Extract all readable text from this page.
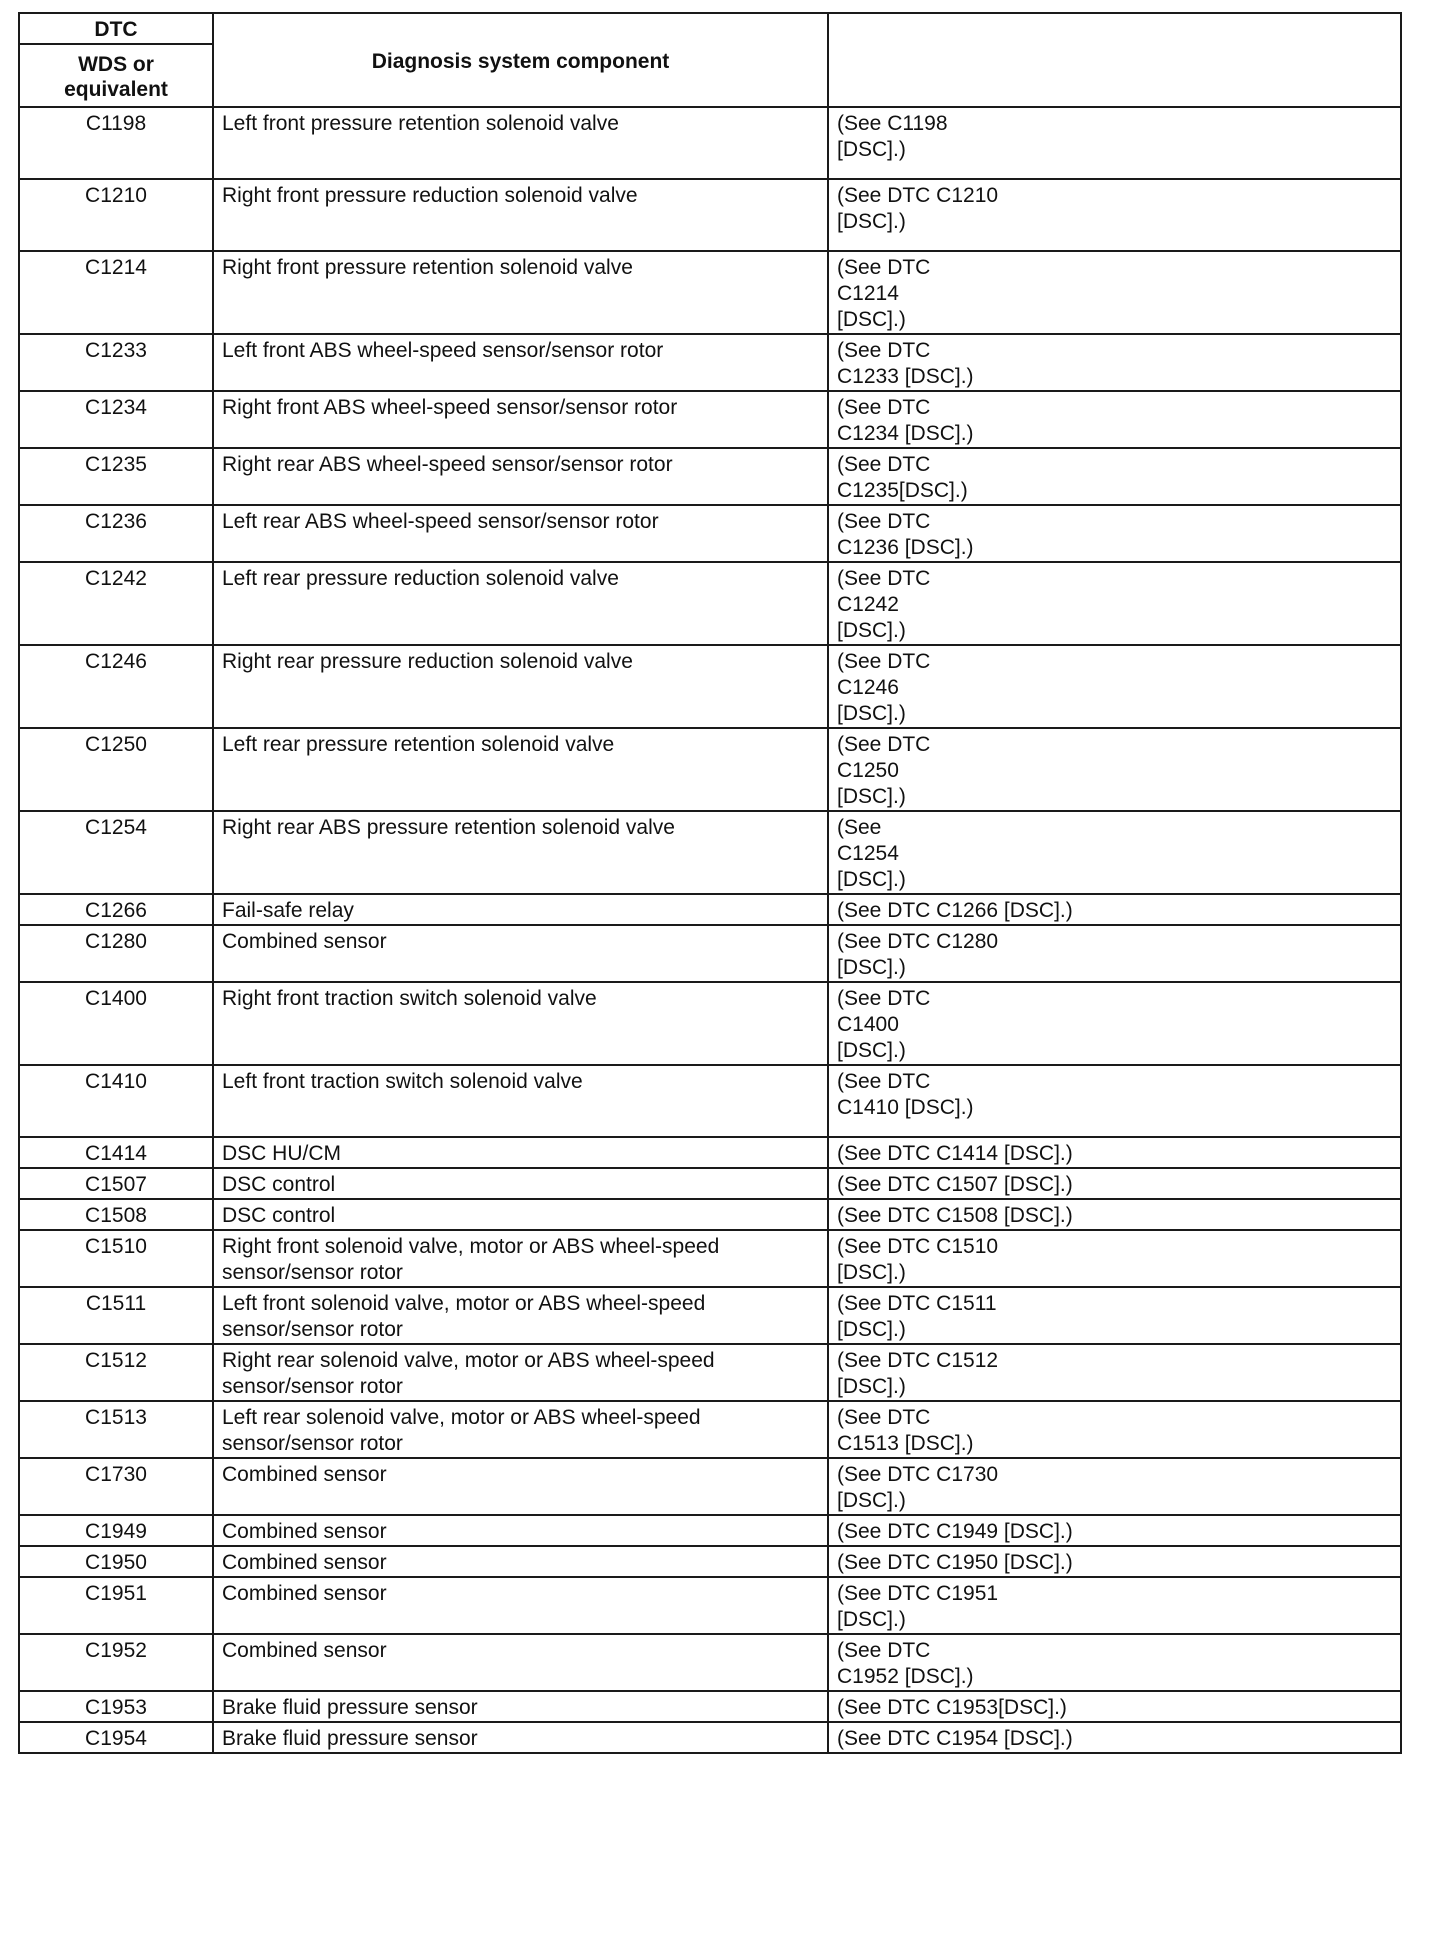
DTC	Diagnosis system component	
WDS or equivalent		
C1198	Left front pressure retention solenoid valve	(See C1198
[DSC].)
C1210	Right front pressure reduction solenoid valve	(See DTC C1210
[DSC].)
C1214	Right front pressure retention solenoid valve	(See DTC
C1214
[DSC].)
C1233	Left front ABS wheel-speed sensor/sensor rotor	(See DTC
C1233 [DSC].)
C1234	Right front ABS wheel-speed sensor/sensor rotor	(See DTC
C1234 [DSC].)
C1235	Right rear ABS wheel-speed sensor/sensor rotor	(See DTC
C1235[DSC].)
C1236	Left rear ABS wheel-speed sensor/sensor rotor	(See DTC
C1236 [DSC].)
C1242	Left rear pressure reduction solenoid valve	(See DTC
C1242
[DSC].)
C1246	Right rear pressure reduction solenoid valve	(See DTC
C1246
[DSC].)
C1250	Left rear pressure retention solenoid valve	(See DTC
C1250
[DSC].)
C1254	Right rear ABS pressure retention solenoid valve	(See
C1254
[DSC].)
C1266	Fail-safe relay	(See DTC C1266 [DSC].)
C1280	Combined sensor	(See DTC C1280
[DSC].)
C1400	Right front traction switch solenoid valve	(See DTC
C1400
[DSC].)
C1410	Left front traction switch solenoid valve	(See DTC
C1410 [DSC].)
C1414	DSC HU/CM	(See DTC C1414 [DSC].)
C1507	DSC control	(See DTC C1507 [DSC].)
C1508	DSC control	(See DTC C1508 [DSC].)
C1510	Right front solenoid valve, motor or ABS wheel-speed sensor/sensor rotor	(See DTC C1510
[DSC].)
C1511	Left front solenoid valve, motor or ABS wheel-speed sensor/sensor rotor	(See DTC C1511
[DSC].)
C1512	Right rear solenoid valve, motor or ABS wheel-speed sensor/sensor rotor	(See DTC C1512
[DSC].)
C1513	Left rear solenoid valve, motor or ABS wheel-speed sensor/sensor rotor	(See DTC
C1513 [DSC].)
C1730	Combined sensor	(See DTC C1730
[DSC].)
C1949	Combined sensor	(See DTC C1949 [DSC].)
C1950	Combined sensor	(See DTC C1950 [DSC].)
C1951	Combined sensor	(See DTC C1951
[DSC].)
C1952	Combined sensor	(See DTC
C1952 [DSC].)
C1953	Brake fluid pressure sensor	(See DTC C1953[DSC].)
C1954	Brake fluid pressure sensor	(See DTC C1954 [DSC].)
